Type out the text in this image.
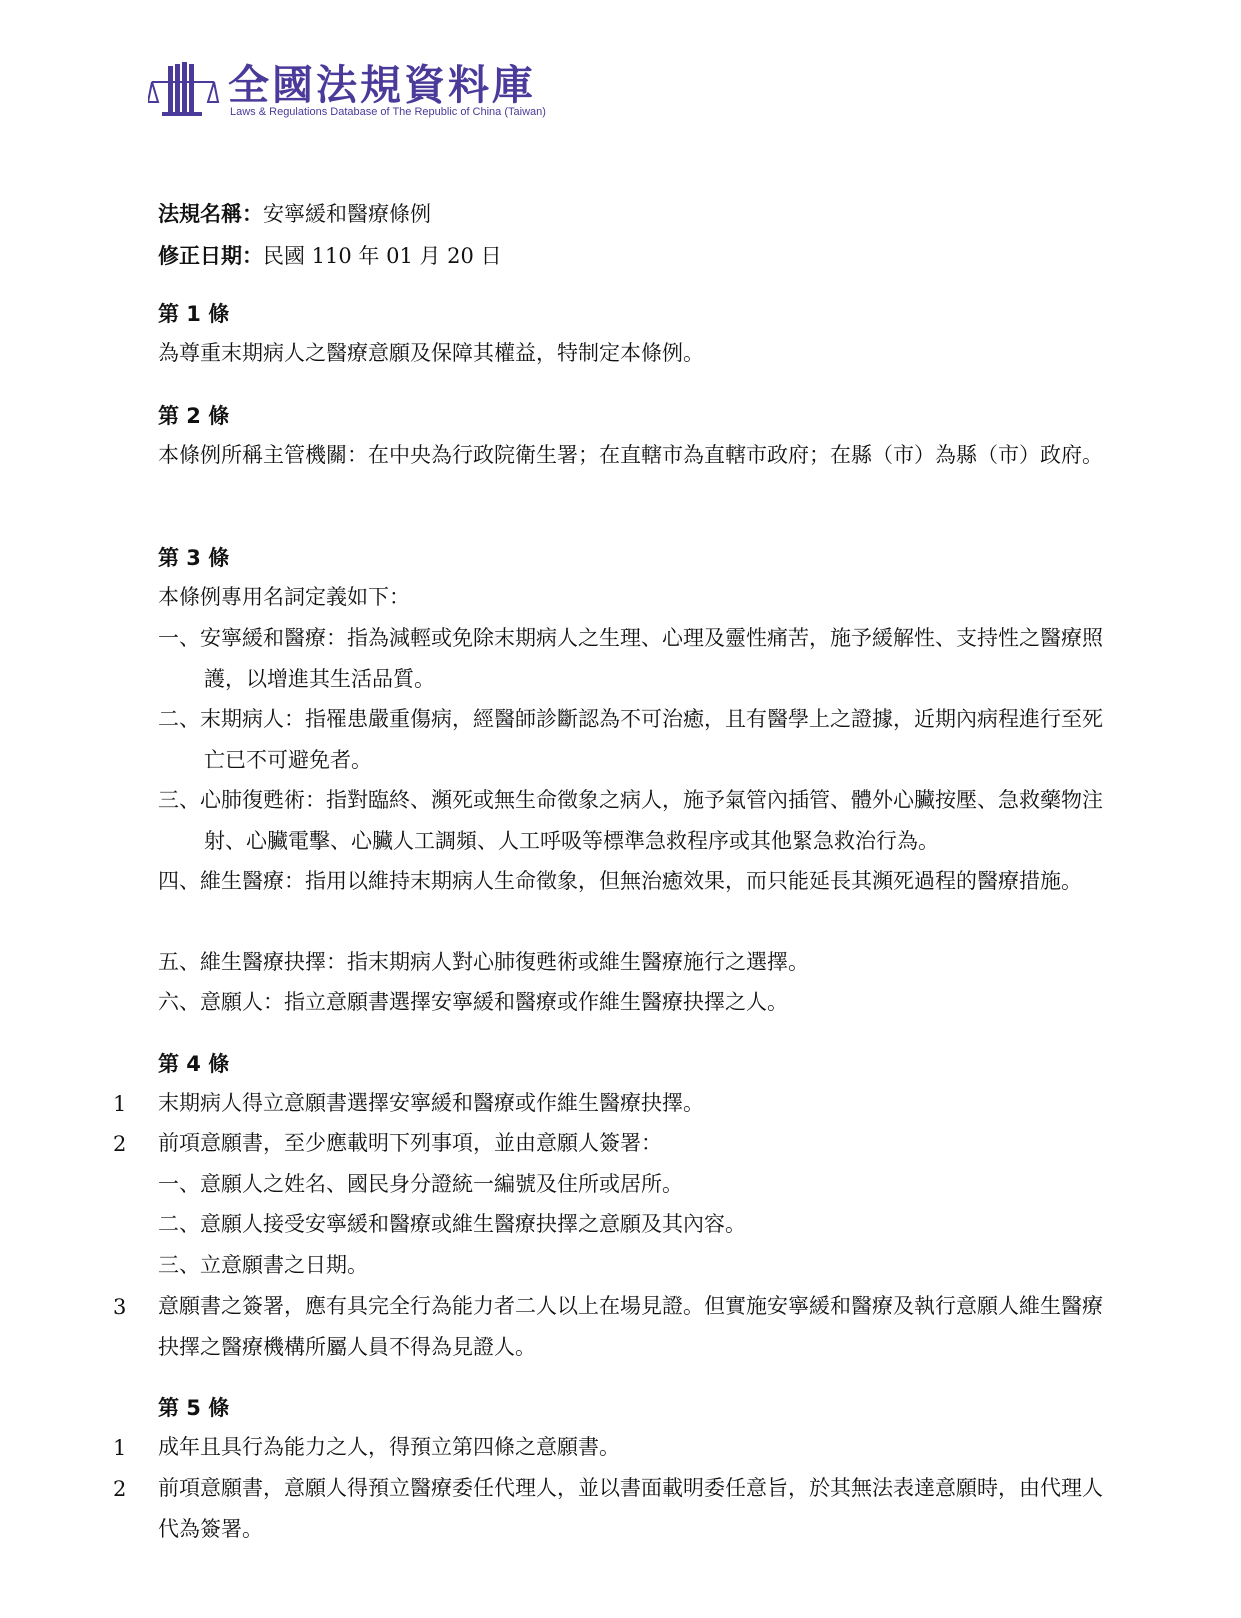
全國法規資料庫
Laws & Regulations Database of The Republic of China (Taiwan)
法規名稱：安寧緩和醫療條例
修正日期：民國 110 年 01 月 20 日
第 1 條
為尊重末期病人之醫療意願及保障其權益，特制定本條例。
第 2 條
本條例所稱主管機關：在中央為行政院衛生署；在直轄市為直轄市政府；在縣（市）為縣（市）政府。
第 3 條
本條例專用名詞定義如下：
一、安寧緩和醫療：指為減輕或免除末期病人之生理、心理及靈性痛苦，施予緩解性、支持性之醫療照護，以增進其生活品質。
二、末期病人：指罹患嚴重傷病，經醫師診斷認為不可治癒，且有醫學上之證據，近期內病程進行至死亡已不可避免者。
三、心肺復甦術：指對臨終、瀕死或無生命徵象之病人，施予氣管內插管、體外心臟按壓、急救藥物注射、心臟電擊、心臟人工調頻、人工呼吸等標準急救程序或其他緊急救治行為。
四、維生醫療：指用以維持末期病人生命徵象，但無治癒效果，而只能延長其瀕死過程的醫療措施。
五、維生醫療抉擇：指末期病人對心肺復甦術或維生醫療施行之選擇。
六、意願人：指立意願書選擇安寧緩和醫療或作維生醫療抉擇之人。
第 4 條
1 末期病人得立意願書選擇安寧緩和醫療或作維生醫療抉擇。
2 前項意願書，至少應載明下列事項，並由意願人簽署：
一、意願人之姓名、國民身分證統一編號及住所或居所。
二、意願人接受安寧緩和醫療或維生醫療抉擇之意願及其內容。
三、立意願書之日期。
3 意願書之簽署，應有具完全行為能力者二人以上在場見證。但實施安寧緩和醫療及執行意願人維生醫療抉擇之醫療機構所屬人員不得為見證人。
第 5 條
1 成年且具行為能力之人，得預立第四條之意願書。
2 前項意願書，意願人得預立醫療委任代理人，並以書面載明委任意旨，於其無法表達意願時，由代理人代為簽署。
